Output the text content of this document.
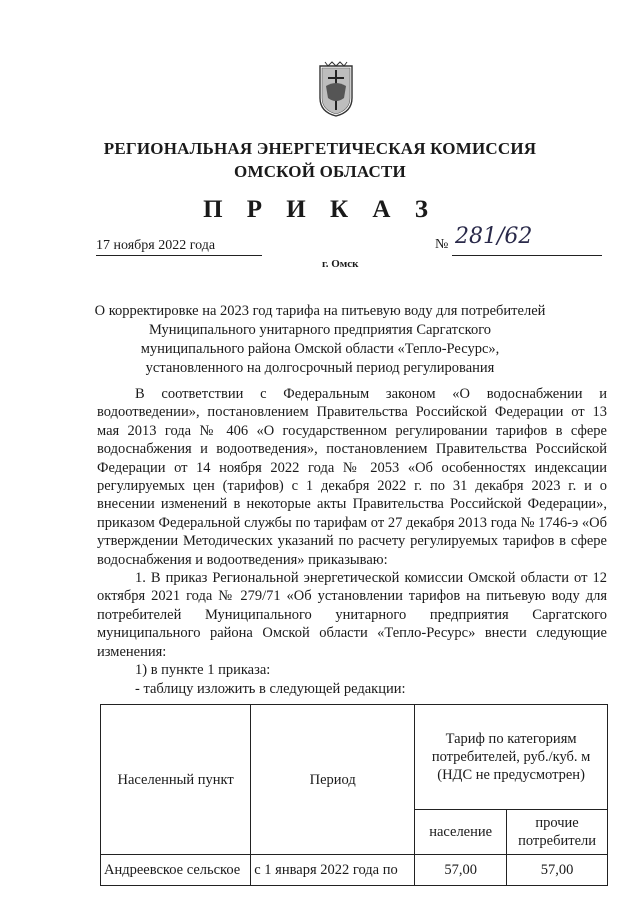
РЕГИОНАЛЬНАЯ ЭНЕРГЕТИЧЕСКАЯ КОМИССИЯ
ОМСКОЙ ОБЛАСТИ
П Р И К А З
17 ноября 2022 года	№ 281/62
г. Омск
О корректировке на 2023 год тарифа на питьевую воду для потребителей
Муниципального унитарного предприятия Саргатского
муниципального района Омской области «Тепло-Ресурс»,
установленного на долгосрочный период регулирования

В соответствии с Федеральным законом «О водоснабжении и водоотведении», постановлением Правительства Российской Федерации от 13 мая 2013 года № 406 «О государственном регулировании тарифов в сфере водоснабжения и водоотведения», постановлением Правительства Российской Федерации от 14 ноября 2022 года № 2053 «Об особенностях индексации регулируемых цен (тарифов) с 1 декабря 2022 г. по 31 декабря 2023 г. и о внесении изменений в некоторые акты Правительства Российской Федерации», приказом Федеральной службы по тарифам от 27 декабря 2013 года № 1746-э «Об утверждении Методических указаний по расчету регулируемых тарифов в сфере водоснабжения и водоотведения» приказываю:

1. В приказ Региональной энергетической комиссии Омской области от 12 октября 2021 года № 279/71 «Об установлении тарифов на питьевую воду для потребителей Муниципального унитарного предприятия Саргатского муниципального района Омской области «Тепло-Ресурс» внести следующие изменения:

1) в пункте 1 приказа:

- таблицу изложить в следующей редакции:

Населенный пункт	Период	Тариф по категориям потребителей, руб./куб. м (НДС не предусмотрен)	
		население	прочие потребители
Андреевское сельское	с 1 января 2022 года по	57,00	57,00
